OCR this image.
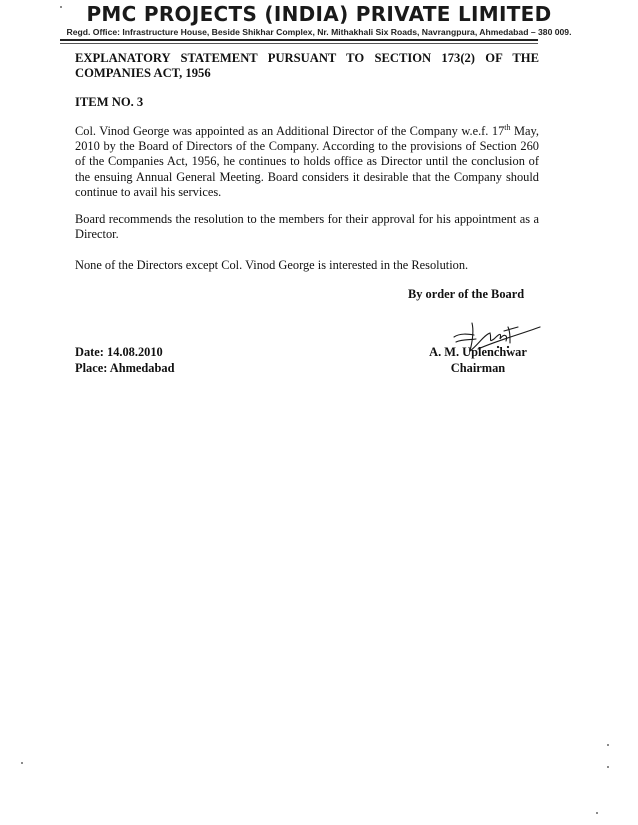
PMC PROJECTS (INDIA) PRIVATE LIMITED
Regd. Office: Infrastructure House, Beside Shikhar Complex, Nr. Mithakhali Six Roads, Navrangpura, Ahmedabad – 380 009.
EXPLANATORY STATEMENT PURSUANT TO SECTION 173(2) OF THE COMPANIES ACT, 1956
ITEM NO. 3

Col. Vinod George was appointed as an Additional Director of the Company w.e.f. 17th May, 2010 by the Board of Directors of the Company. According to the provisions of Section 260 of the Companies Act, 1956, he continues to holds office as Director until the conclusion of the ensuing Annual General Meeting. Board considers it desirable that the Company should continue to avail his services.

Board recommends the resolution to the members for their approval for his appointment as a Director.

None of the Directors except Col. Vinod George is interested in the Resolution.

By order of the Board
Date: 14.08.2010
Place: Ahmedabad
A. M. Uplenchwar
Chairman
